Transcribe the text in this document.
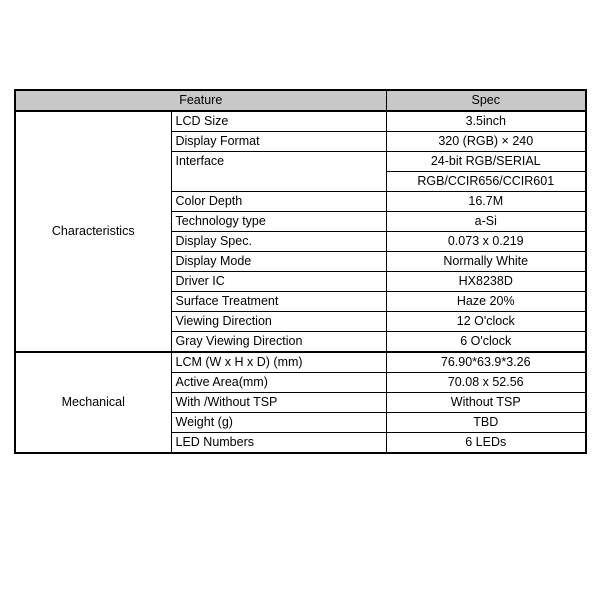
Feature		Spec
Characteristics	LCD Size	3.5inch
	Display Format	320 (RGB) × 240
	Interface	24-bit RGB/SERIAL
		RGB/CCIR656/CCIR601
	Color Depth	16.7M
	Technology type	a-Si
	Display Spec.	0.073 x 0.219
	Display Mode	Normally White
	Driver IC	HX8238D
	Surface Treatment	Haze 20%
	Viewing Direction	12 O'clock
	Gray Viewing Direction	6 O'clock
Mechanical	LCM (W x H x D) (mm)	76.90*63.9*3.26
	Active Area(mm)	70.08 x 52.56
	With /Without TSP	Without TSP
	Weight (g)	TBD
	LED Numbers	6 LEDs
